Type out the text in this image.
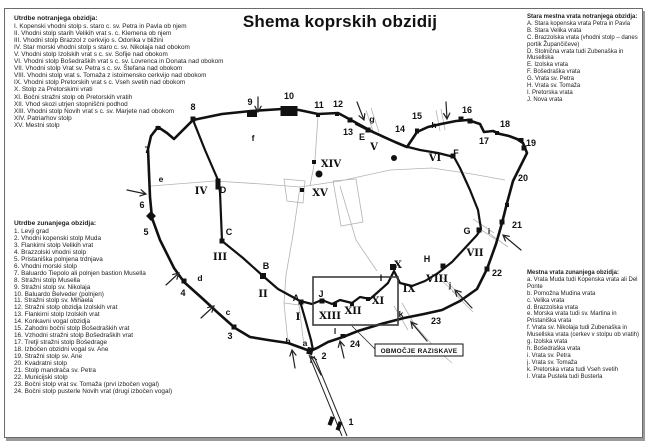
Shema koprskih obzidij
Utrdbe notranjega obzidja:
I. Kopenski vhodni stolp s. staro c. sv. Petra in Pavla ob njem
II. Vhodni stolp starih Velikih vrat s. c. Klemena ob njem
III. Vhodni stolp Brazzol z cerkvijo s. Odorika v bližini
IV. Star morski vhodni stolp s staro c. sv. Nikolaja nad obokom
V. Vhodni stolp Izolskih vrat s c. sv. Sofije nad obokom
VI. Vhodni stolp Bošedraških vrat s c. sv. Lovrenca in Donata nad obokom
VII. Vhodni stolp Vrat sv. Petra s c. sv. Štefana nad obokom
VIII. Vhodni stolp vrat s. Tomaža z istoimensko cerkvijo nad obokom
IX. Vhodni stolp Pretorskih vrat s c. Vseh svetih nad obokom
X. Stolp za Pretorskimi vrati
XI. Bočni stražni stolp ob Pretorskih vratih
XII. Vhod skozi utrjen stopniščni podhod
XIII. Vhodni stolp Novih vrat s c. sv. Marjete nad obokom
XIV. Patriarhov stolp
XV. Mestni stolp
Utrdbe zunanjega obzidja:
1. Levji grad
2. Vhodni kopenski stolp Muda
3. Flankirni stolp Velikih vrat
4. Brazzolski vhodni stolp
5. Pristaniška polnjena trdnjava
6. Vhodni morski stolp
7. Baluardo Tiepolo ali polnjen bastion Musella
8. Stražni stolp Musella
9. Stražni stolp sv. Nikolaja
10. Baluardo Belveder (polnjen)
11. Stražni stolp sv. Mihaela
12. Stražni stolp obzidja Izolskih vrat
13. Flankirni stolp Izolskih vrat
14. Konkavni vogal obzidja
15. Zahodni bočni stolp Bošedraških vrat
16. Vzhodni stražni stolp Bošedraških vrat
17. Tretji stražni stolp Bošedrage
18. Izbočen obzidni vogal sv. Ane
19. Stražni stolp sv. Ane
20. Kvadratni stolp
21. Stolp mandrača sv. Petra
22. Municijski stolp
23. Bočni stolp vrat sv. Tomaža (prvi izbočen vogal)
24. Bočni stolp pusterle Novih vrat (drugi izbočen vogal)
Stara mestna vrata notranjega obzidja:
A. Stara kopenska vrata Petra in Pavla
B. Stara Velika vrata
C. Brazzolska vrata (vhodni stolp – danes portik Župančičeve)
D. Stolnična vrata tudi Zubenaška in Musellska
E. Izolska vrata
F. Bošedraška vrata
G. Vrata sv. Petra
H. Vrata sv. Tomaža
I. Pretorska vrata
J. Nova vrata
Mestna vrata zunanjega obzidja:
a. Vrata Muda tudi Kopenska vrata ali Del Ponte
b. Pomožna Mudina vrata
c. Velika vrata
d. Brazzolska vrata
e. Morska vrata tudi sv. Martina in Pristaniška vrata
f. Vrata sv. Nikolaja tudi Zubenaška in Musellska vrata (cerkev v stolpu ob vratih)
g. Izolska vrata
h. Bošedraška vrata
i. Vrata sv. Petra
j. Vrata sv. Tomaža
k. Pretorska vrata tudi Vseh svetih
l. Vrata Pustela tudi Busterla
OBMOČJE RAZISKAVE
1
2
3
4
5
6
7
8	9
10
11 12
13	14
15
16
17
18
19
20
21
22
23
24
a
b
c
d
e
f
g
h
i
j
k
l
A
B
C
D
E
F
G
H
I
J
I
II
III
IV
V
VI
VII
VIII
IX
X
XI
XII
XIII
XIV
XV
